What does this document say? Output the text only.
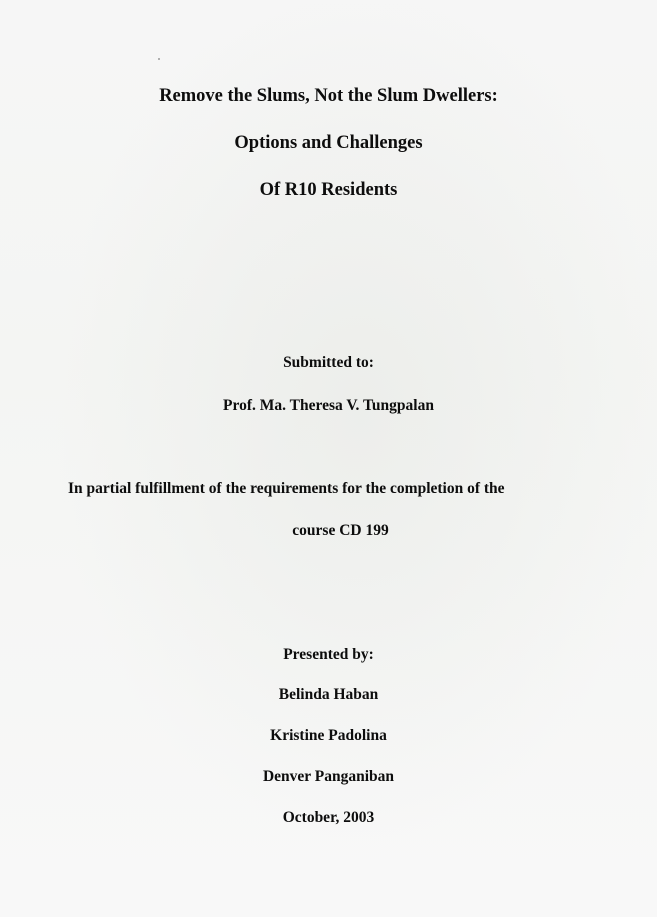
Remove the Slums, Not the Slum Dwellers:
Options and Challenges
Of R10 Residents
Submitted to:
Prof. Ma. Theresa V. Tungpalan
In partial fulfillment of the requirements for the completion of the
course CD 199
Presented by:
Belinda Haban
Kristine Padolina
Denver Panganiban
October, 2003
